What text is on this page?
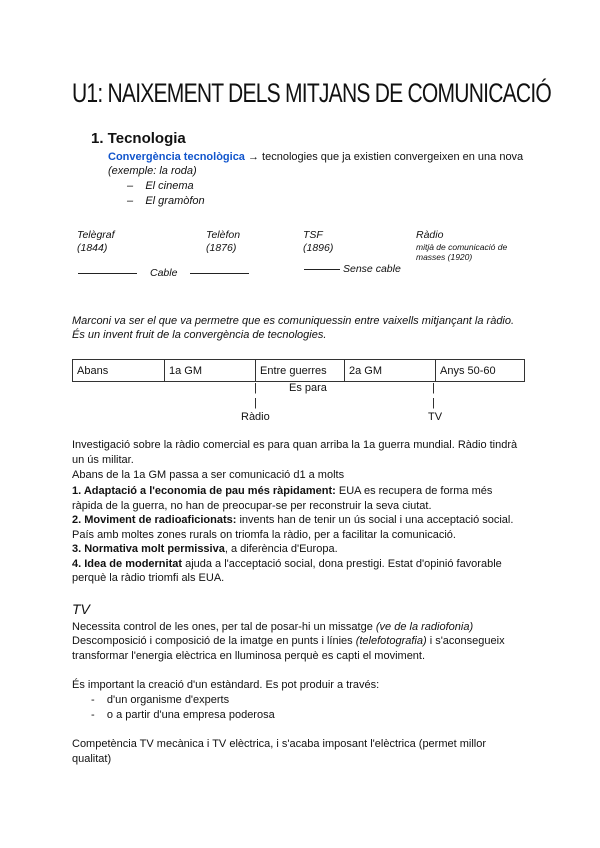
U1: NAIXEMENT DELS MITJANS DE COMUNICACIÓ
1. Tecnologia
Convergència tecnològica → tecnologies que ja existien convergeixen en una nova
(exemple: la roda)
–    El cinema
–    El gramòfon
Telègraf
(1844)
Telèfon
(1876)
TSF
(1896)
Ràdio
mitjà de comunicació de masses (1920)
Cable	Sense cable
Marconi va ser el que va permetre que es comuniquessin entre vaixells mitjançant la ràdio.
És un invent fruit de la convergència de tecnologies.
Abans	1a GM	Entre guerres	2a GM	Anys 50-60
|	Es para
|
Ràdio
|
|
TV
Investigació sobre la ràdio comercial es para quan arriba la 1a guerra mundial. Ràdio tindrà
un ús militar.
Abans de la 1a GM passa a ser comunicació d1 a molts
1. Adaptació a l'economia de pau més ràpidament: EUA es recupera de forma més
ràpida de la guerra, no han de preocupar-se per reconstruir la seva ciutat.
2. Moviment de radioaficionats: invents han de tenir un ús social i una acceptació social.
País amb moltes zones rurals on triomfa la ràdio, per a facilitar la comunicació.
3. Normativa molt permissiva, a diferència d'Europa.
4. Idea de modernitat ajuda a l'acceptació social, dona prestigi. Estat d'opinió favorable
perquè la ràdio triomfi als EUA.
TV
Necessita control de les ones, per tal de posar-hi un missatge (ve de la radiofonia)
Descomposició i composició de la imatge en punts i línies (telefotografia) i s'aconsegueix
transformar l'energia elèctrica en lluminosa perquè es capti el moviment.
És important la creació d'un estàndard. Es pot produir a través:
-    d'un organisme d'experts
-    o a partir d'una empresa poderosa
Competència TV mecànica i TV elèctrica, i s'acaba imposant l'elèctrica (permet millor
qualitat)
